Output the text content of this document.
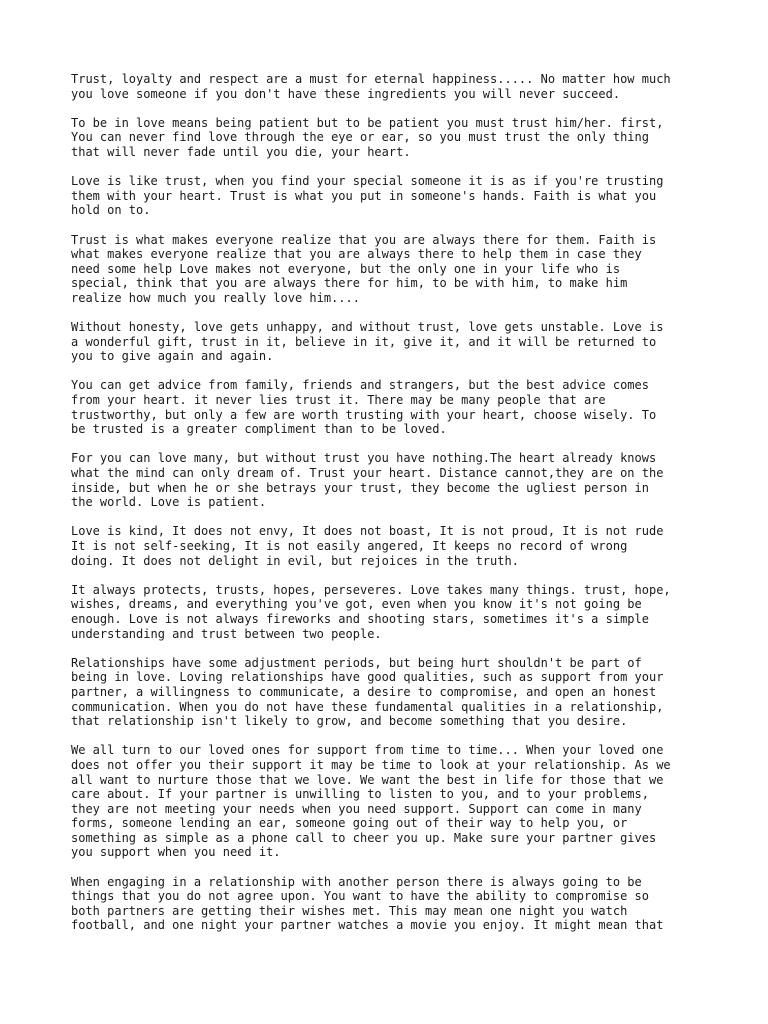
Trust, loyalty and respect are a must for eternal happiness..... No matter how much
you love someone if you don't have these ingredients you will never succeed.

To be in love means being patient but to be patient you must trust him/her. first,
You can never find love through the eye or ear, so you must trust the only thing
that will never fade until you die, your heart.

Love is like trust, when you find your special someone it is as if you're trusting
them with your heart. Trust is what you put in someone's hands. Faith is what you
hold on to.

Trust is what makes everyone realize that you are always there for them. Faith is
what makes everyone realize that you are always there to help them in case they
need some help Love makes not everyone, but the only one in your life who is
special, think that you are always there for him, to be with him, to make him
realize how much you really love him....

Without honesty, love gets unhappy, and without trust, love gets unstable. Love is
a wonderful gift, trust in it, believe in it, give it, and it will be returned to
you to give again and again.

You can get advice from family, friends and strangers, but the best advice comes
from your heart. it never lies trust it. There may be many people that are
trustworthy, but only a few are worth trusting with your heart, choose wisely. To
be trusted is a greater compliment than to be loved.

For you can love many, but without trust you have nothing.The heart already knows
what the mind can only dream of. Trust your heart. Distance cannot,they are on the
inside, but when he or she betrays your trust, they become the ugliest person in
the world. Love is patient.

Love is kind, It does not envy, It does not boast, It is not proud, It is not rude
It is not self-seeking, It is not easily angered, It keeps no record of wrong
doing. It does not delight in evil, but rejoices in the truth.

It always protects, trusts, hopes, perseveres. Love takes many things. trust, hope,
wishes, dreams, and everything you've got, even when you know it's not going be
enough. Love is not always fireworks and shooting stars, sometimes it's a simple
understanding and trust between two people.

Relationships have some adjustment periods, but being hurt shouldn't be part of
being in love. Loving relationships have good qualities, such as support from your
partner, a willingness to communicate, a desire to compromise, and open an honest
communication. When you do not have these fundamental qualities in a relationship,
that relationship isn't likely to grow, and become something that you desire.

We all turn to our loved ones for support from time to time... When your loved one
does not offer you their support it may be time to look at your relationship. As we
all want to nurture those that we love. We want the best in life for those that we
care about. If your partner is unwilling to listen to you, and to your problems,
they are not meeting your needs when you need support. Support can come in many
forms, someone lending an ear, someone going out of their way to help you, or
something as simple as a phone call to cheer you up. Make sure your partner gives
you support when you need it.

When engaging in a relationship with another person there is always going to be
things that you do not agree upon. You want to have the ability to compromise so
both partners are getting their wishes met. This may mean one night you watch
football, and one night your partner watches a movie you enjoy. It might mean that
